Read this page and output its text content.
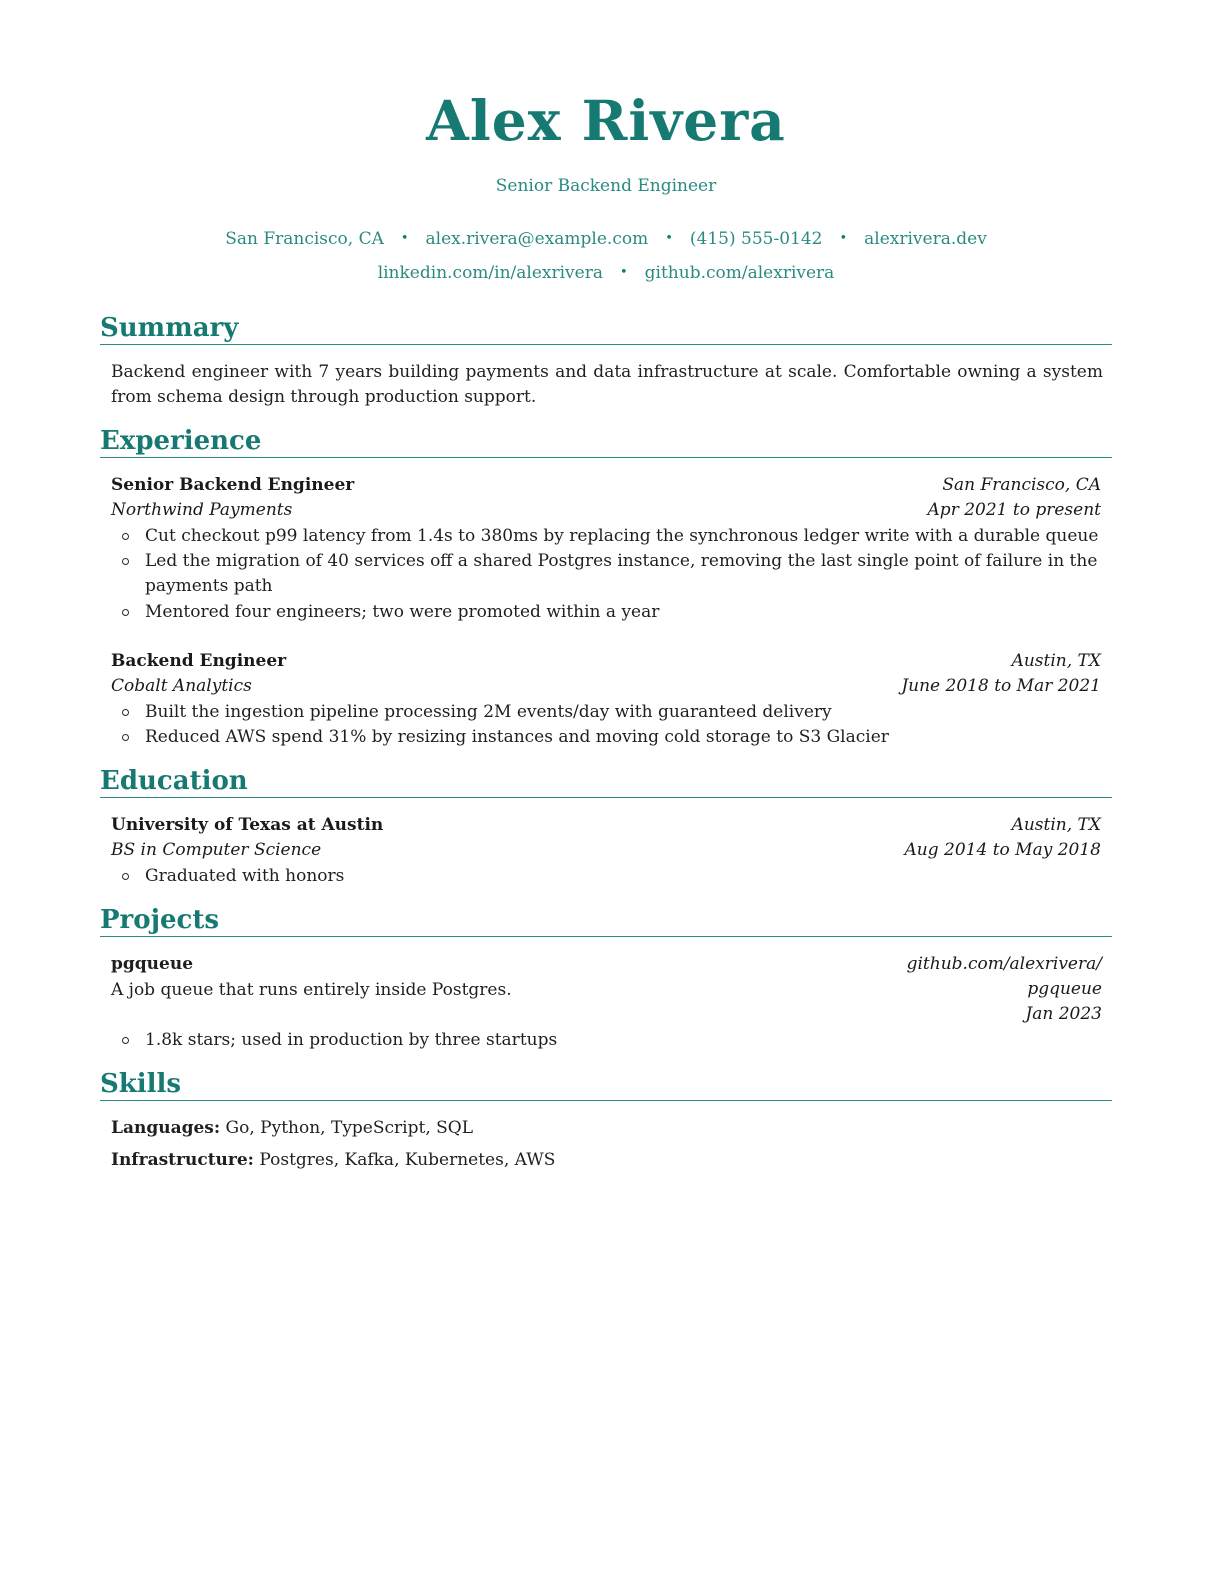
Alex Rivera
Senior Backend Engineer
San Francisco, CA • alex.rivera@example.com • (415) 555-0142 • alexrivera.dev
linkedin.com/in/alexrivera • github.com/alexrivera
Summary
Backend engineer with 7 years building payments and data infrastructure at scale. Comfortable owning a system from schema design through production support.
Experience
Senior Backend Engineer	San Francisco, CA
Northwind Payments	Apr 2021 to present
Cut checkout p99 latency from 1.4s to 380ms by replacing the synchronous ledger write with a durable queue
Led the migration of 40 services off a shared Postgres instance, removing the last single point of failure in the payments path
Mentored four engineers; two were promoted within a year
Backend Engineer	Austin, TX
Cobalt Analytics	June 2018 to Mar 2021
Built the ingestion pipeline processing 2M events/day with guaranteed delivery
Reduced AWS spend 31% by resizing instances and moving cold storage to S3 Glacier
Education
University of Texas at Austin	Austin, TX
BS in Computer Science	Aug 2014 to May 2018
Graduated with honors
Projects
pgqueue
A job queue that runs entirely inside Postgres.
github.com/alexrivera/
pgqueue
Jan 2023
1.8k stars; used in production by three startups
Skills
Languages: Go, Python, TypeScript, SQL
Infrastructure: Postgres, Kafka, Kubernetes, AWS
